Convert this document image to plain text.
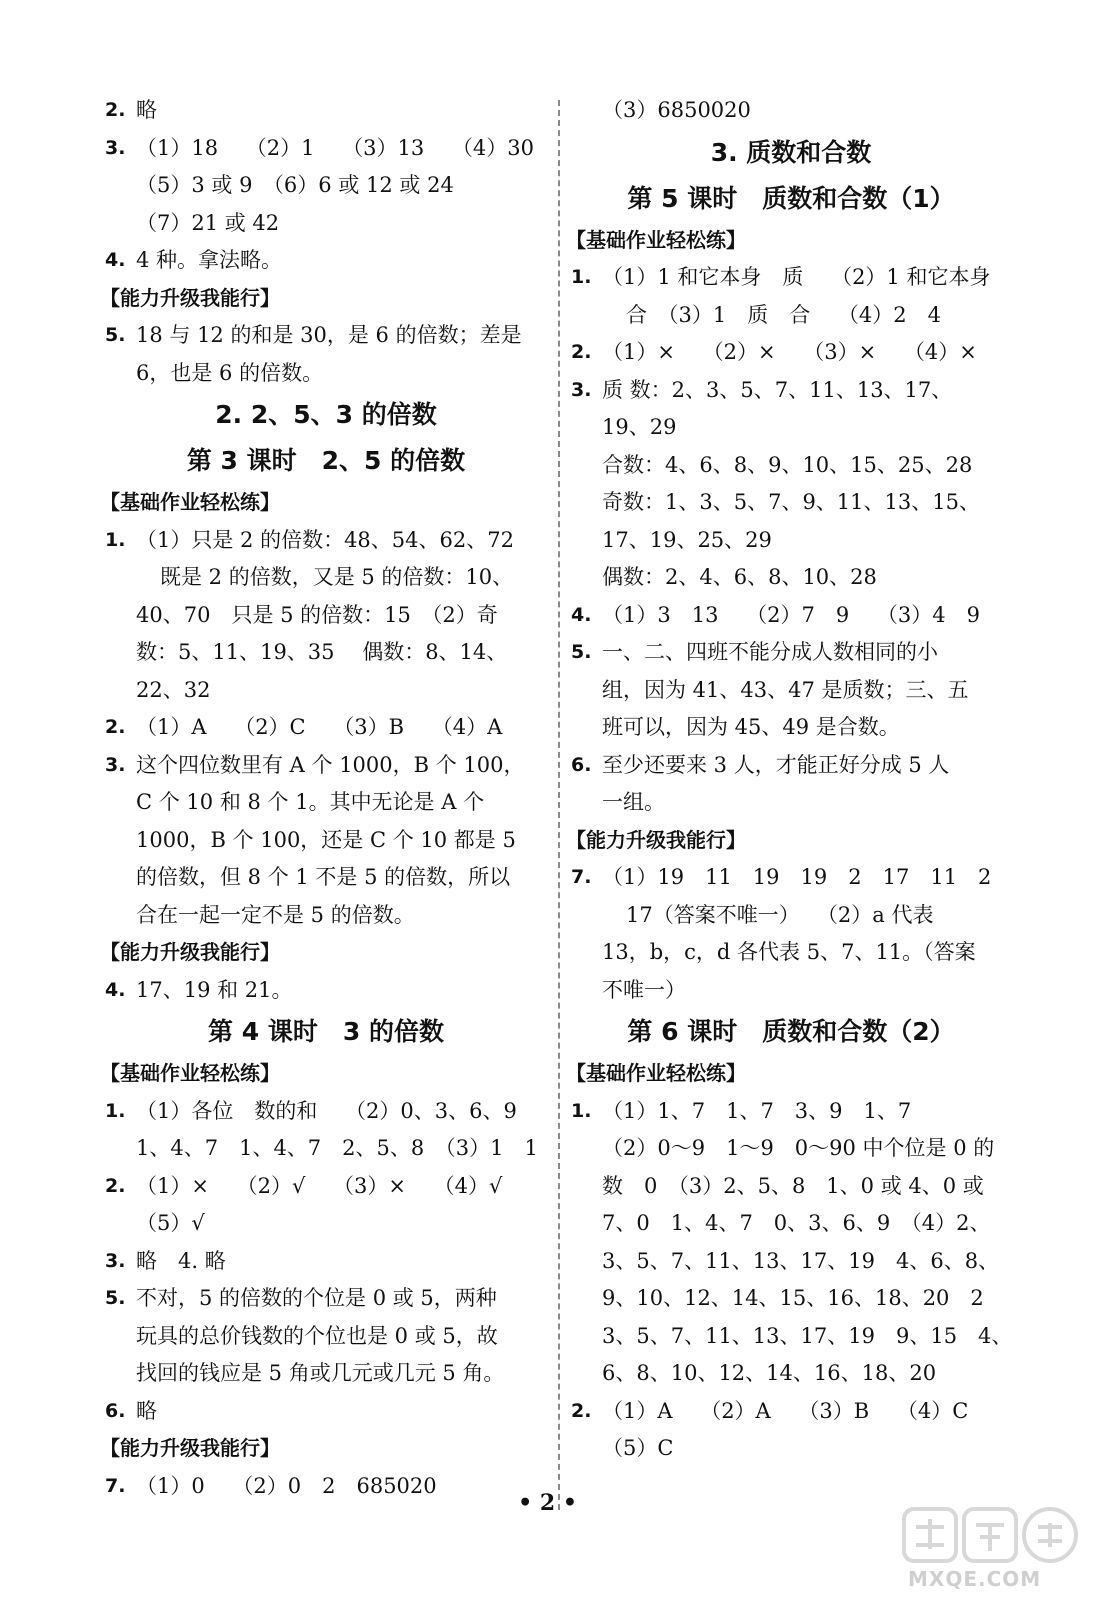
2. 略
3. （1）18　 （2）1　 （3）13　 （4）30
（5）3 或 9　（6）6 或 12 或 24
（7）21 或 42
4. 4 种。拿法略。
【能力升级我能行】
5. 18 与 12 的和是 30，是 6 的倍数；差是
6，也是 6 的倍数。
2. 2、5、3 的倍数
第 3 课时　2、5 的倍数
【基础作业轻松练】
1. （1）只是 2 的倍数：48、54、62、72
既是 2 的倍数，又是 5 的倍数：10、
40、70　只是 5 的倍数：15　（2）奇
数：5、11、19、35　 偶数：8、14、
22、32
2. （1）A　 （2）C　 （3）B　 （4）A
3. 这个四位数里有 A 个 1000，B 个 100，
C 个 10 和 8 个 1。其中无论是 A 个
1000，B 个 100，还是 C 个 10 都是 5
的倍数，但 8 个 1 不是 5 的倍数，所以
合在一起一定不是 5 的倍数。
【能力升级我能行】
4. 17、19 和 21。
第 4 课时　3 的倍数
【基础作业轻松练】
1. （1）各位　数的和　 （2）0、3、6、9
1、4、7　1、4、7　2、5、8　（3）1　1
2. （1）×　 （2）√　 （3）×　 （4）√
（5）√
3. 略　4. 略
5. 不对，5 的倍数的个位是 0 或 5，两种
玩具的总价钱数的个位也是 0 或 5，故
找回的钱应是 5 角或几元或几元 5 角。
6. 略
【能力升级我能行】
7. （1）0　 （2）0　2　685020
（3）6850020
3. 质数和合数
第 5 课时　质数和合数（1）
【基础作业轻松练】
1. （1）1 和它本身　质　 （2）1 和它本身
合　（3）1　质　合　 （4）2　4
2. （1）×　 （2）×　 （3）×　 （4）×
3. 质 数：2、3、5、7、11、13、17、
19、29
合数：4、6、8、9、10、15、25、28
奇数：1、3、5、7、9、11、13、15、
17、19、25、29
偶数：2、4、6、8、10、28
4. （1）3　13　 （2）7　9　 （3）4　9
5. 一、二、四班不能分成人数相同的小
组，因为 41、43、47 是质数；三、五
班可以，因为 45、49 是合数。
6. 至少还要来 3 人，才能正好分成 5 人
一组。
【能力升级我能行】
7. （1）19　11　19　19　2　17　11　2
17（答案不唯一）　 （2）a 代表
13，b，c，d 各代表 5、7、11。（答案
不唯一）
第 6 课时　质数和合数（2）
【基础作业轻松练】
1. （1）1、7　1、7　3、9　1、7
（2）0～9　1～9　0～90 中个位是 0 的
数　0　（3）2、5、8　1、0 或 4、0 或
7、0　1、4、7　0、3、6、9　（4）2、
3、5、7、11、13、17、19　4、6、8、
9、10、12、14、15、16、18、20　2
3、5、7、11、13、17、19　9、15　4、
6、8、10、12、14、16、18、20
2. （1）A　 （2）A　 （3）B　 （4）C
（5）C
• 2 •
MXQE.COM
